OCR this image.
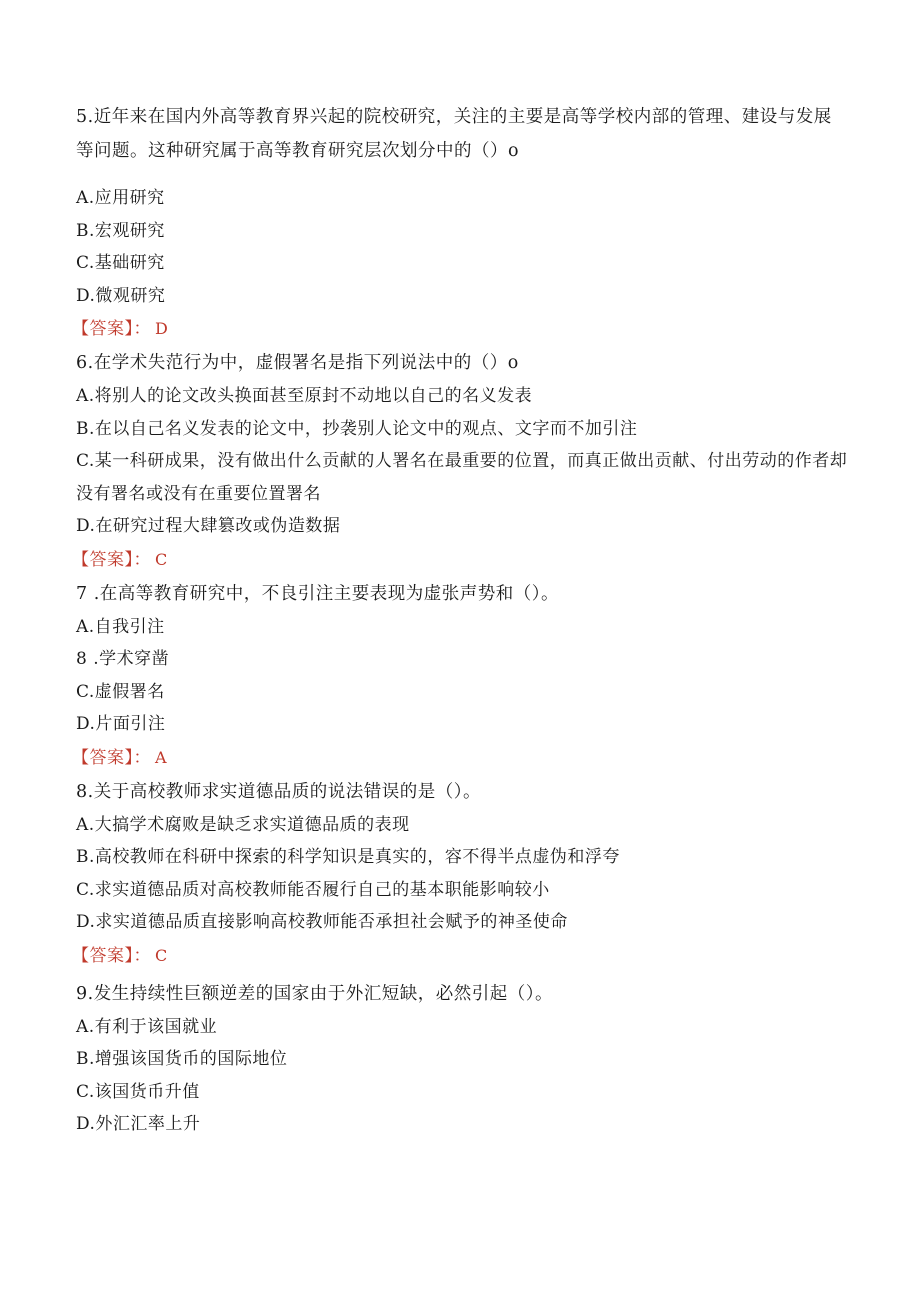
5.近年来在国内外高等教育界兴起的院校研究，关注的主要是高等学校内部的管理、建设与发展等问题。这种研究属于高等教育研究层次划分中的（）o

A.应用研究

B.宏观研究

C.基础研究

D.微观研究

【答案】： D

6.在学术失范行为中，虚假署名是指下列说法中的（）o

A.将别人的论文改头换面甚至原封不动地以自己的名义发表

B.在以自己名义发表的论文中，抄袭别人论文中的观点、文字而不加引注

C.某一科研成果，没有做出什么贡献的人署名在最重要的位置，而真正做出贡献、付出劳动的作者却没有署名或没有在重要位置署名

D.在研究过程大肆篡改或伪造数据

【答案】： C

7 .在高等教育研究中，不良引注主要表现为虚张声势和（）。

A.自我引注

8 .学术穿凿

C.虚假署名

D.片面引注

【答案】： A

8.关于高校教师求实道德品质的说法错误的是（）。

A.大搞学术腐败是缺乏求实道德品质的表现

B.高校教师在科研中探索的科学知识是真实的，容不得半点虚伪和浮夸

C.求实道德品质对高校教师能否履行自己的基本职能影响较小

D.求实道德品质直接影响高校教师能否承担社会赋予的神圣使命

【答案】： C

9.发生持续性巨额逆差的国家由于外汇短缺，必然引起（）。

A.有利于该国就业

B.增强该国货币的国际地位

C.该国货币升值

D.外汇汇率上升
